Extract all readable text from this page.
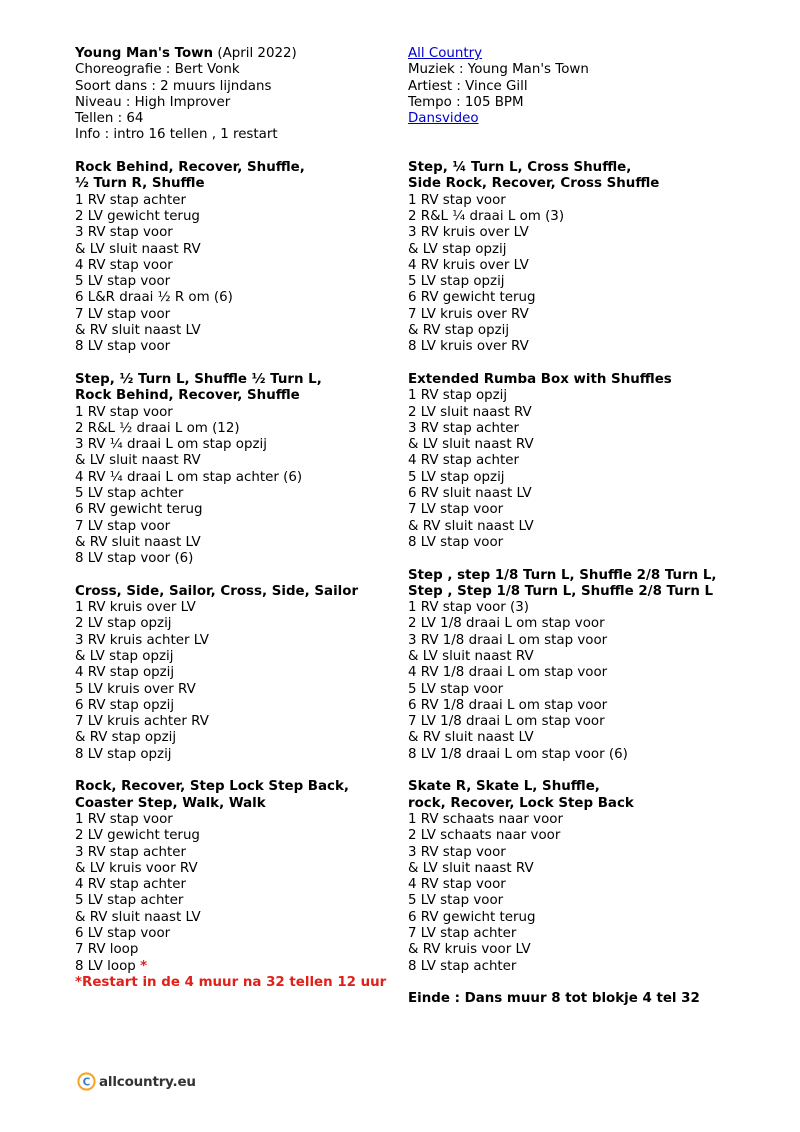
Young Man's Town (April 2022)
Choreografie : Bert Vonk
Soort dans : 2 muurs lijndans
Niveau : High Improver
Tellen : 64
Info : intro 16 tellen , 1 restart
Rock Behind, Recover, Shuffle,
½ Turn R, Shuffle
1 RV stap achter
2 LV gewicht terug
3 RV stap voor
& LV sluit naast RV
4 RV stap voor
5 LV stap voor
6 L&R draai ½ R om (6)
7 LV stap voor
& RV sluit naast LV
8 LV stap voor
Step, ½ Turn L, Shuffle ½ Turn L,
Rock Behind, Recover, Shuffle
1 RV stap voor
2 R&L ½ draai L om (12)
3 RV ¼ draai L om stap opzij
& LV sluit naast RV
4 RV ¼ draai L om stap achter (6)
5 LV stap achter
6 RV gewicht terug
7 LV stap voor
& RV sluit naast LV
8 LV stap voor (6)
Cross, Side, Sailor, Cross, Side, Sailor
1 RV kruis over LV
2 LV stap opzij
3 RV kruis achter LV
& LV stap opzij
4 RV stap opzij
5 LV kruis over RV
6 RV stap opzij
7 LV kruis achter RV
& RV stap opzij
8 LV stap opzij
Rock, Recover, Step Lock Step Back,
Coaster Step, Walk, Walk
1 RV stap voor
2 LV gewicht terug
3 RV stap achter
& LV kruis voor RV
4 RV stap achter
5 LV stap achter
& RV sluit naast LV
6 LV stap voor
7 RV loop
8 LV loop *
*Restart in de 4 muur na 32 tellen 12 uur
All Country
Muziek : Young Man's Town
Artiest : Vince Gill
Tempo : 105 BPM
Dansvideo
Step, ¼ Turn L, Cross Shuffle,
Side Rock, Recover, Cross Shuffle
1 RV stap voor
2 R&L ¼ draai L om (3)
3 RV kruis over LV
& LV stap opzij
4 RV kruis over LV
5 LV stap opzij
6 RV gewicht terug
7 LV kruis over RV
& RV stap opzij
8 LV kruis over RV
Extended Rumba Box with Shuffles
1 RV stap opzij
2 LV sluit naast RV
3 RV stap achter
& LV sluit naast RV
4 RV stap achter
5 LV stap opzij
6 RV sluit naast LV
7 LV stap voor
& RV sluit naast LV
8 LV stap voor
Step , step 1/8 Turn L, Shuffle 2/8 Turn L,
Step , Step 1/8 Turn L, Shuffle 2/8 Turn L
1 RV stap voor (3)
2 LV 1/8 draai L om stap voor
3 RV 1/8 draai L om stap voor
& LV sluit naast RV
4 RV 1/8 draai L om stap voor
5 LV stap voor
6 RV 1/8 draai L om stap voor
7 LV 1/8 draai L om stap voor
& RV sluit naast LV
8 LV 1/8 draai L om stap voor (6)
Skate R, Skate L, Shuffle,
rock, Recover, Lock Step Back
1 RV schaats naar voor
2 LV schaats naar voor
3 RV stap voor
& LV sluit naast RV
4 RV stap voor
5 LV stap voor
6 RV gewicht terug
7 LV stap achter
& RV kruis voor LV
8 LV stap achter
Einde : Dans muur 8 tot blokje 4 tel 32
C allcountry.eu
